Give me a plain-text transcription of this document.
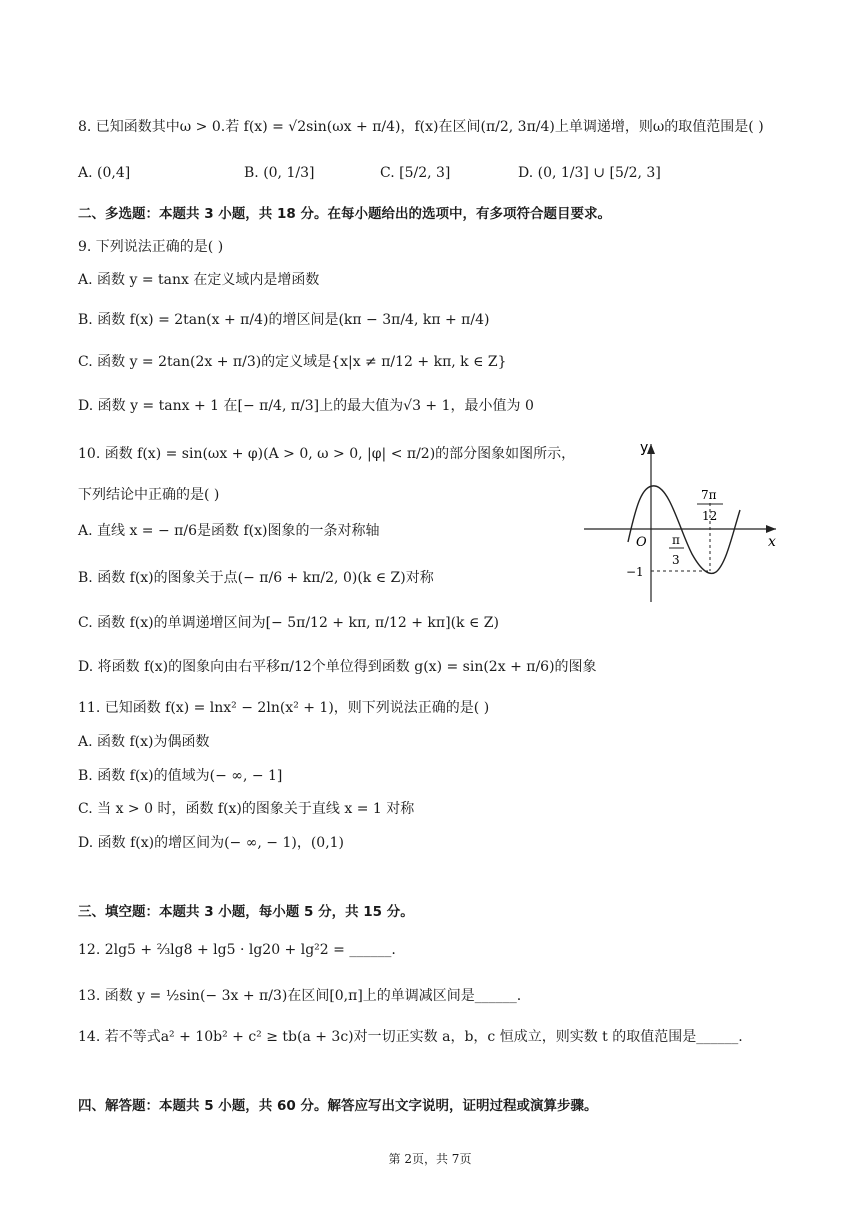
8. 已知函数其中ω > 0.若 f(x) = √2sin(ωx + π/4)，f(x)在区间(π/2, 3π/4)上单调递增，则ω的取值范围是( )
A. (0,4]	B. (0, 1/3]	C. [5/2, 3]	D. (0, 1/3] ∪ [5/2, 3]
二、多选题：本题共 3 小题，共 18 分。在每小题给出的选项中，有多项符合题目要求。
9. 下列说法正确的是( )
A. 函数 y = tanx 在定义域内是增函数
B. 函数 f(x) = 2tan(x + π/4)的增区间是(kπ − 3π/4, kπ + π/4)
C. 函数 y = 2tan(2x + π/3)的定义域是{x|x ≠ π/12 + kπ, k ∈ Z}
D. 函数 y = tanx + 1 在[− π/4, π/3]上的最大值为√3 + 1，最小值为 0
10. 函数 f(x) = sin(ωx + φ)(A > 0, ω > 0, |φ| < π/2)的部分图象如图所示，
下列结论中正确的是( )
A. 直线 x = − π/6是函数 f(x)图象的一条对称轴
B. 函数 f(x)的图象关于点(− π/6 + kπ/2, 0)(k ∈ Z)对称
C. 函数 f(x)的单调递增区间为[− 5π/12 + kπ, π/12 + kπ](k ∈ Z)
D. 将函数 f(x)的图象向由右平移π/12个单位得到函数 g(x) = sin(2x + π/6)的图象
y
x
O
7π
12
π
3
−1
11. 已知函数 f(x) = lnx² − 2ln(x² + 1)，则下列说法正确的是( )
A. 函数 f(x)为偶函数
B. 函数 f(x)的值域为(− ∞, − 1]
C. 当 x > 0 时，函数 f(x)的图象关于直线 x = 1 对称
D. 函数 f(x)的增区间为(− ∞, − 1)，(0,1)
三、填空题：本题共 3 小题，每小题 5 分，共 15 分。
12. 2lg5 + ⅔lg8 + lg5 · lg20 + lg²2 = ______.
13. 函数 y = ½sin(− 3x + π/3)在区间[0,π]上的单调减区间是______.
14. 若不等式a² + 10b² + c² ≥ tb(a + 3c)对一切正实数 a，b，c 恒成立，则实数 t 的取值范围是______.
四、解答题：本题共 5 小题，共 60 分。解答应写出文字说明，证明过程或演算步骤。
第 2页，共 7页
